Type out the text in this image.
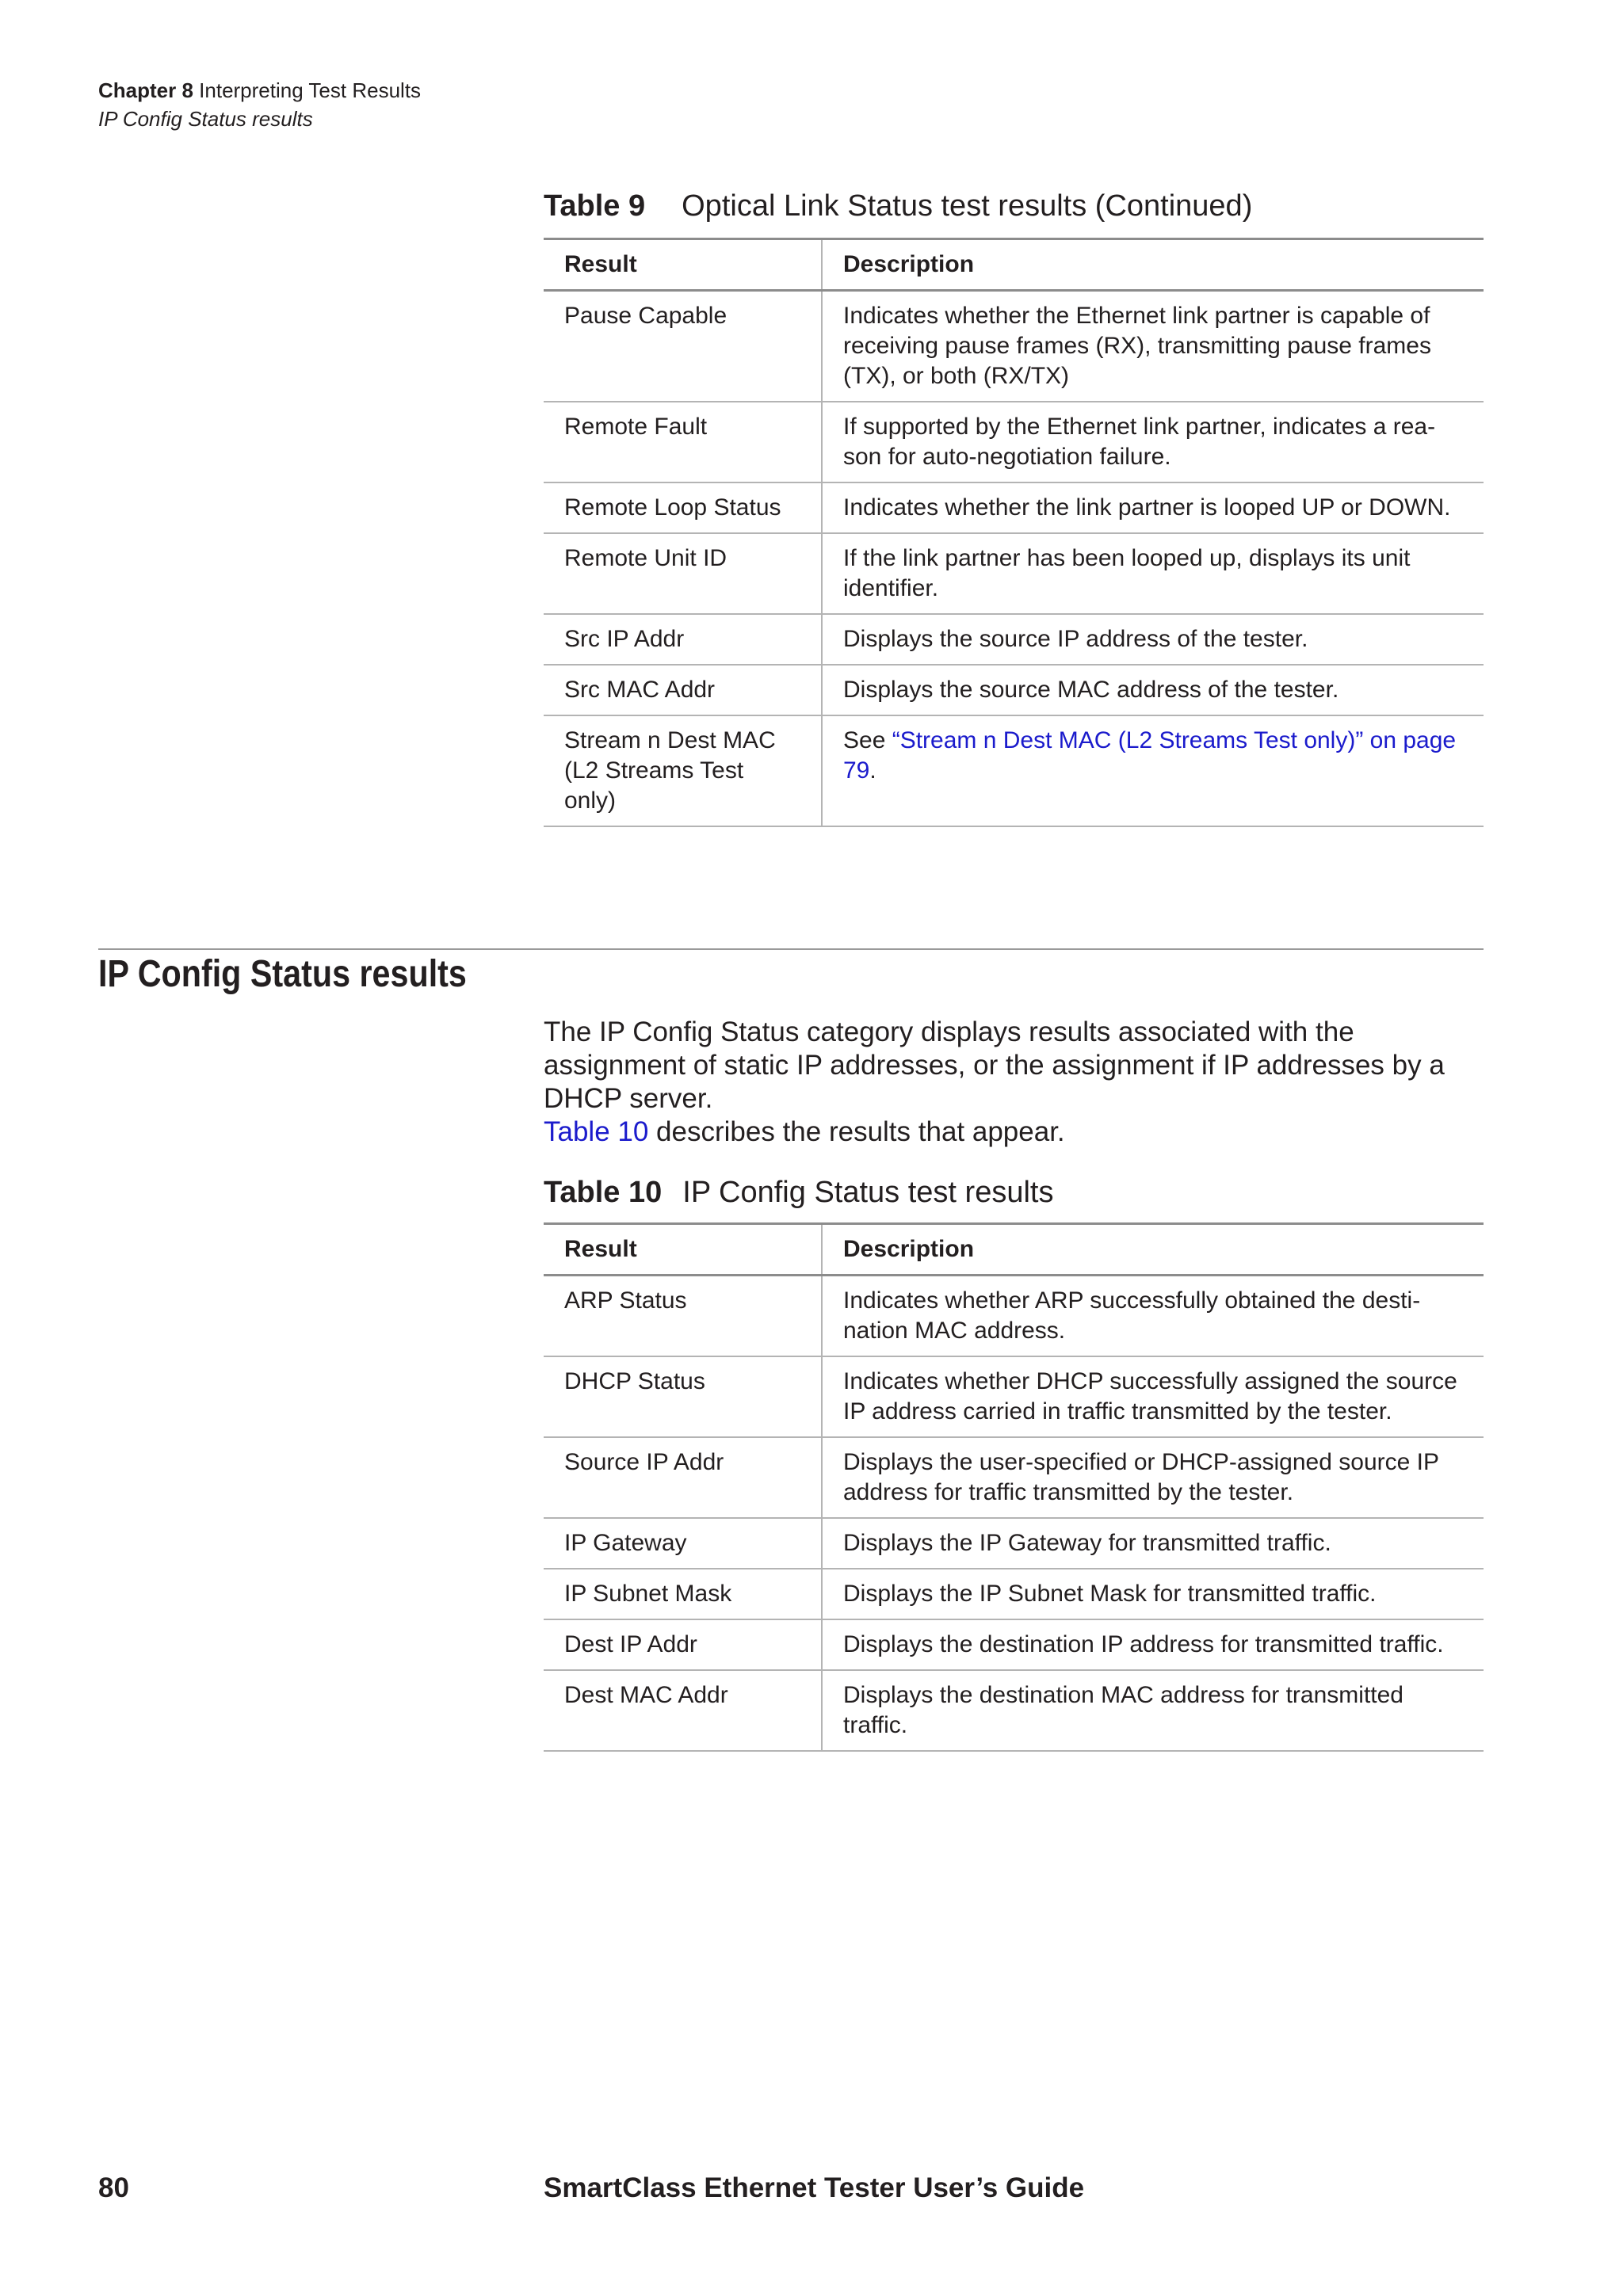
Chapter 8 Interpreting Test Results
IP Config Status results
Table 9 Optical Link Status test results (Continued)
Result	Description
Pause Capable	Indicates whether the Ethernet link partner is capable of receiving pause frames (RX), transmitting pause frames (TX), or both (RX/TX)
Remote Fault	If supported by the Ethernet link partner, indicates a rea-son for auto-negotiation failure.
Remote Loop Status	Indicates whether the link partner is looped UP or DOWN.
Remote Unit ID	If the link partner has been looped up, displays its unit identifier.
Src IP Addr	Displays the source IP address of the tester.
Src MAC Addr	Displays the source MAC address of the tester.
Stream n Dest MAC (L2 Streams Test only)	See “Stream n Dest MAC (L2 Streams Test only)” on page 79.
IP Config Status results
The IP Config Status category displays results associated with the assignment of static IP addresses, or the assignment if IP addresses by a DHCP server.
Table 10 describes the results that appear.
Table 10 IP Config Status test results
Result	Description
ARP Status	Indicates whether ARP successfully obtained the desti-nation MAC address.
DHCP Status	Indicates whether DHCP successfully assigned the source IP address carried in traffic transmitted by the tester.
Source IP Addr	Displays the user-specified or DHCP-assigned source IP address for traffic transmitted by the tester.
IP Gateway	Displays the IP Gateway for transmitted traffic.
IP Subnet Mask	Displays the IP Subnet Mask for transmitted traffic.
Dest IP Addr	Displays the destination IP address for transmitted traffic.
Dest MAC Addr	Displays the destination MAC address for transmitted traffic.
80	SmartClass Ethernet Tester User’s Guide
